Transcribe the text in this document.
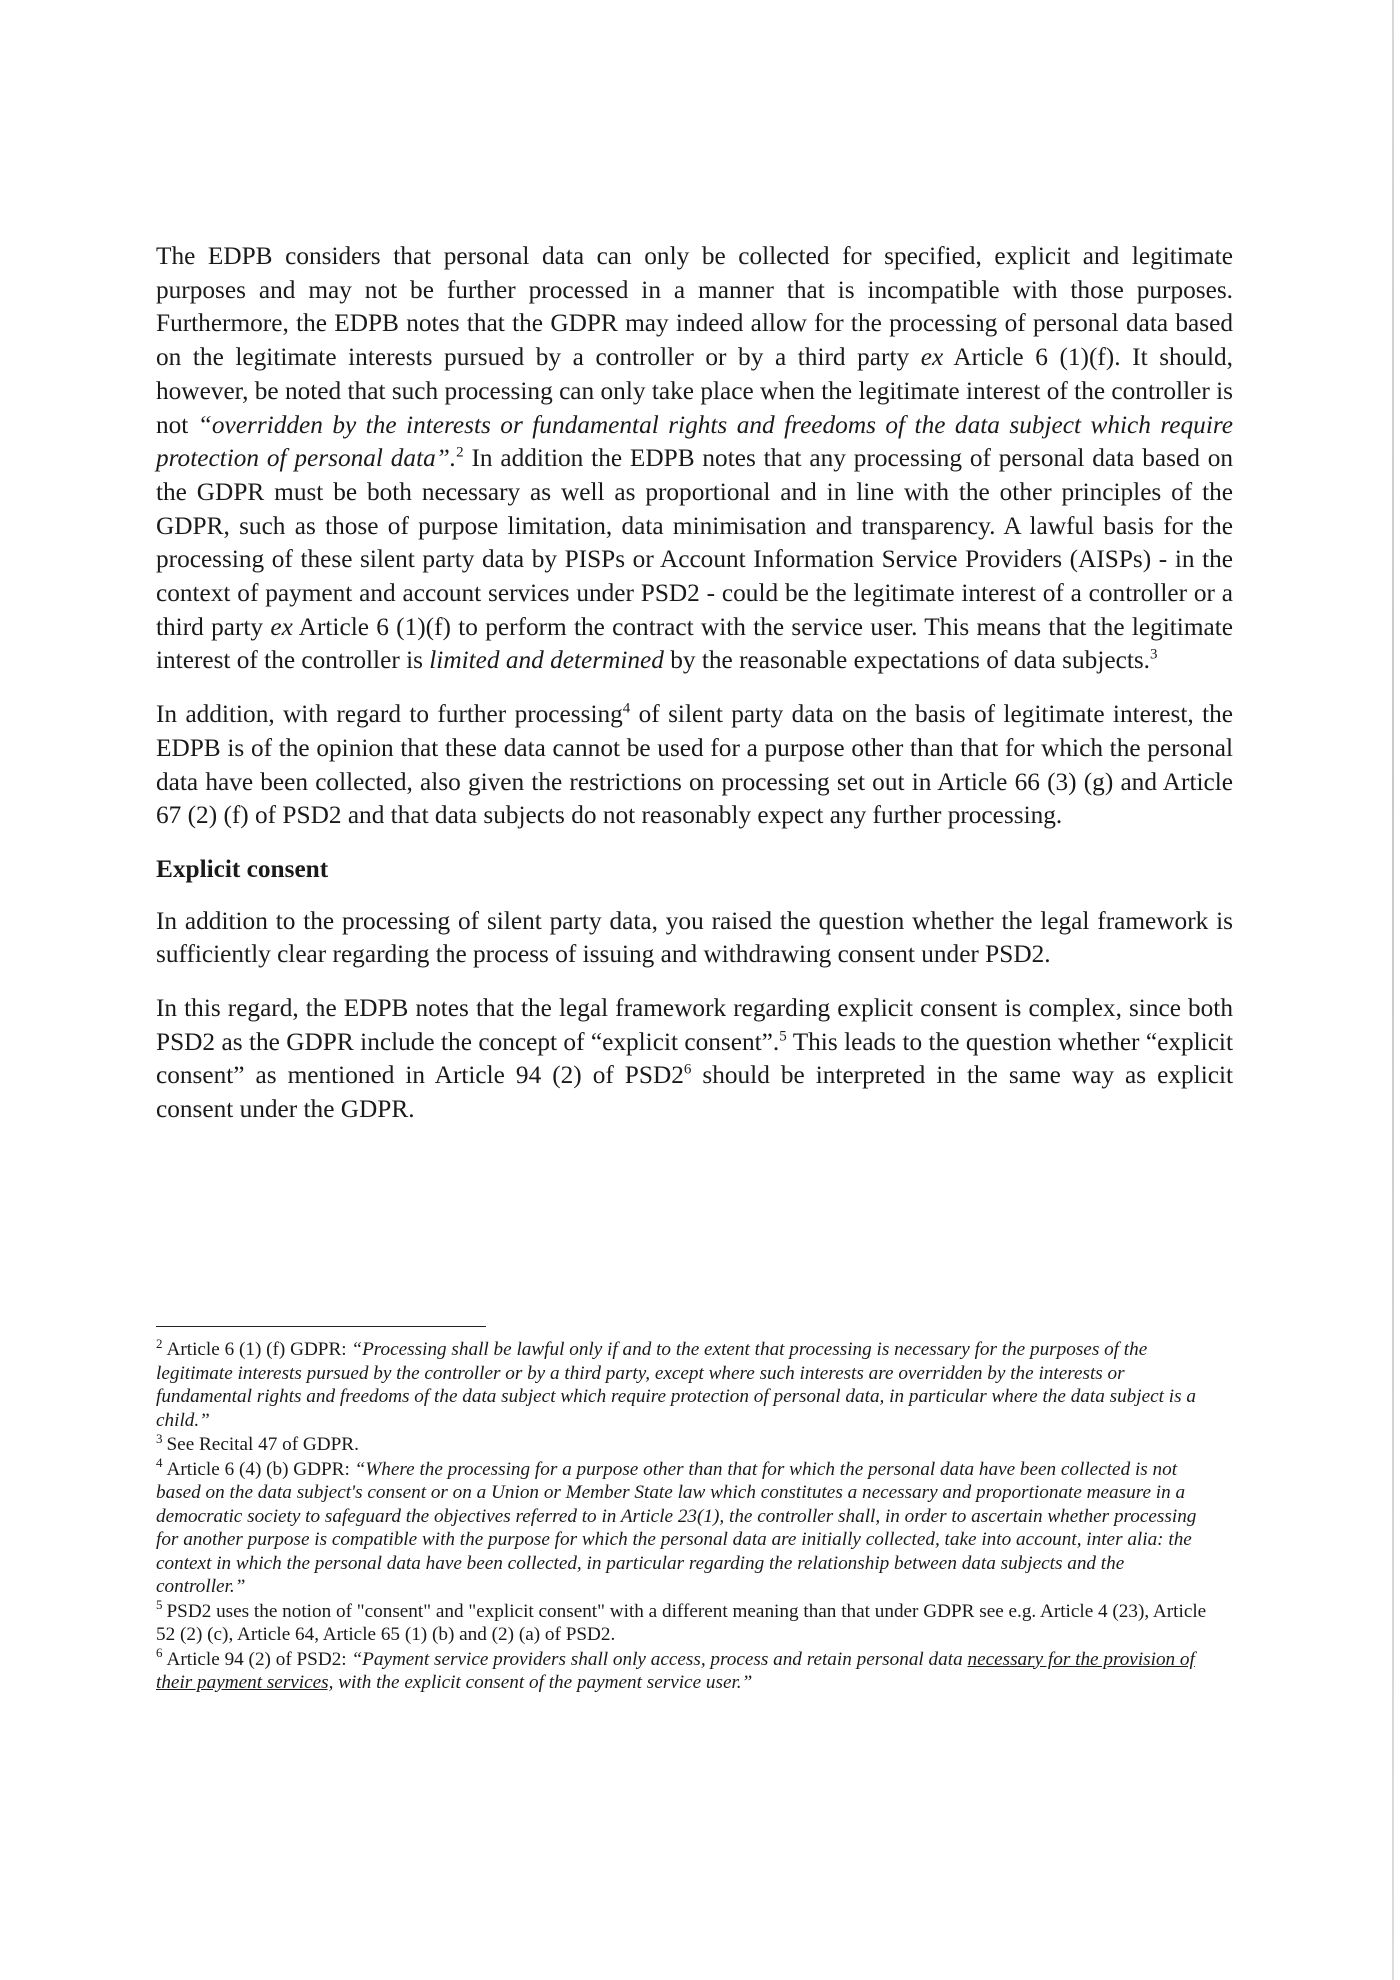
The EDPB considers that personal data can only be collected for specified, explicit and legitimate purposes and may not be further processed in a manner that is incompatible with those purposes. Furthermore, the EDPB notes that the GDPR may indeed allow for the processing of personal data based on the legitimate interests pursued by a controller or by a third party ex Article 6 (1)(f). It should, however, be noted that such processing can only take place when the legitimate interest of the controller is not “overridden by the interests or fundamental rights and freedoms of the data subject which require protection of personal data”.$^2$ In addition the EDPB notes that any processing of personal data based on the GDPR must be both necessary as well as proportional and in line with the other principles of the GDPR, such as those of purpose limitation, data minimisation and transparency. A lawful basis for the processing of these silent party data by PISPs or Account Information Service Providers (AISPs) - in the context of payment and account services under PSD2 - could be the legitimate interest of a controller or a third party ex Article 6 (1)(f) to perform the contract with the service user. This means that the legitimate interest of the controller is limited and determined by the reasonable expectations of data subjects.$^3$

In addition, with regard to further processing$^4$ of silent party data on the basis of legitimate interest, the EDPB is of the opinion that these data cannot be used for a purpose other than that for which the personal data have been collected, also given the restrictions on processing set out in Article 66 (3) (g) and Article 67 (2) (f) of PSD2 and that data subjects do not reasonably expect any further processing.

Explicit consent

In addition to the processing of silent party data, you raised the question whether the legal framework is sufficiently clear regarding the process of issuing and withdrawing consent under PSD2.

In this regard, the EDPB notes that the legal framework regarding explicit consent is complex, since both PSD2 as the GDPR include the concept of “explicit consent”.$^5$ This leads to the question whether “explicit consent” as mentioned in Article 94 (2) of PSD2$^6$ should be interpreted in the same way as explicit consent under the GDPR.

$^2$ Article 6 (1) (f) GDPR: “Processing shall be lawful only if and to the extent that processing is necessary for the purposes of the legitimate interests pursued by the controller or by a third party, except where such interests are overridden by the interests or fundamental rights and freedoms of the data subject which require protection of personal data, in particular where the data subject is a child.”

$^3$ See Recital 47 of GDPR.

$^4$ Article 6 (4) (b) GDPR: “Where the processing for a purpose other than that for which the personal data have been collected is not based on the data subject's consent or on a Union or Member State law which constitutes a necessary and proportionate measure in a democratic society to safeguard the objectives referred to in Article 23(1), the controller shall, in order to ascertain whether processing for another purpose is compatible with the purpose for which the personal data are initially collected, take into account, inter alia: the context in which the personal data have been collected, in particular regarding the relationship between data subjects and the controller.”

$^5$ PSD2 uses the notion of "consent" and "explicit consent" with a different meaning than that under GDPR see e.g. Article 4 (23), Article 52 (2) (c), Article 64, Article 65 (1) (b) and (2) (a) of PSD2.

$^6$ Article 94 (2) of PSD2: “Payment service providers shall only access, process and retain personal data necessary for the provision of their payment services, with the explicit consent of the payment service user.”
